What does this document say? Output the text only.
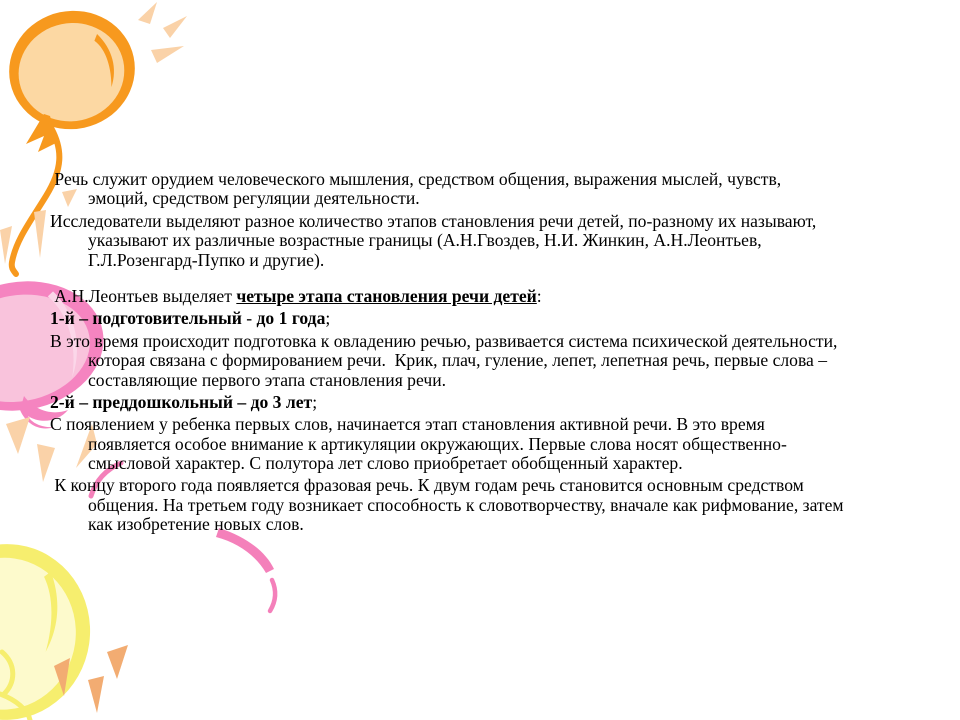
Речь служит орудием человеческого мышления, средством общения, выражения мыслей, чувств,
эмоций, средством регуляции деятельности.
Исследователи выделяют разное количество этапов становления речи детей, по-разному их называют,
указывают их различные возрастные границы (А.Н.Гвоздев, Н.И. Жинкин, А.Н.Леонтьев,
Г.Л.Розенгард-Пупко и другие).
А.Н.Леонтьев выделяет четыре этапа становления речи детей:
1-й – подготовительный - до 1 года;
В это время происходит подготовка к овладению речью, развивается система психической деятельности,
которая связана с формированием речи.  Крик, плач, гуление, лепет, лепетная речь, первые слова –
составляющие первого этапа становления речи.
2-й – преддошкольный – до 3 лет;
С появлением у ребенка первых слов, начинается этап становления активной речи. В это время
появляется особое внимание к артикуляции окружающих. Первые слова носят общественно-
смысловой характер. С полутора лет слово приобретает обобщенный характер.
К концу второго года появляется фразовая речь. К двум годам речь становится основным средством
общения. На третьем году возникает способность к словотворчеству, вначале как рифмование, затем
как изобретение новых слов.
